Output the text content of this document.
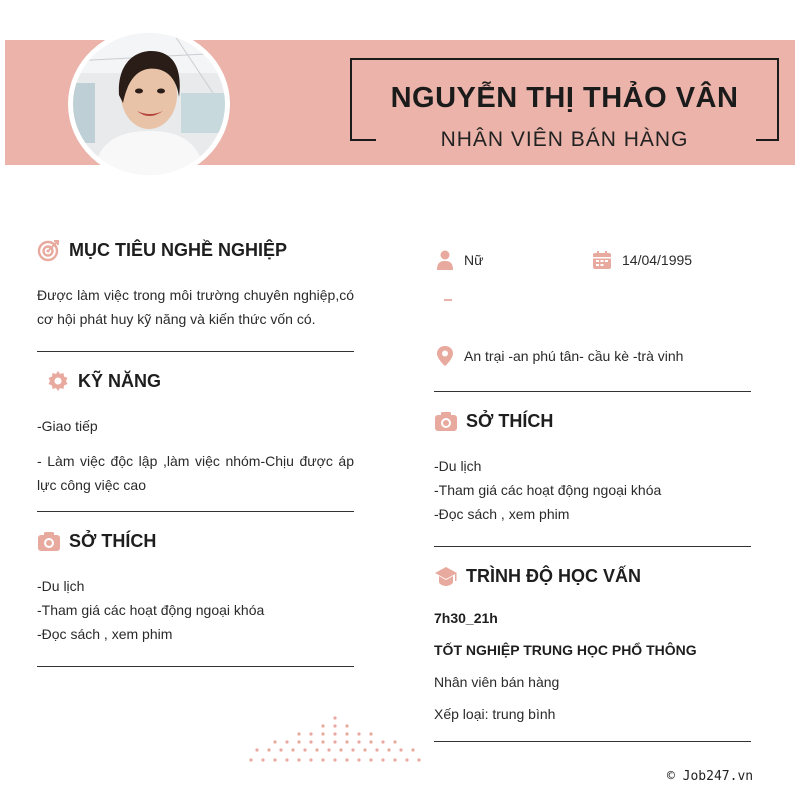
NGUYỄN THỊ THẢO VÂN
NHÂN VIÊN BÁN HÀNG
MỤC TIÊU NGHỀ NGHIỆP
Được làm việc trong môi trường chuyên nghiệp,có cơ hội phát huy kỹ năng và kiến thức vốn có.
KỸ NĂNG
-Giao tiếp
- Làm việc độc lập ,làm việc nhóm-Chịu được áp lực công việc cao
SỞ THÍCH
-Du lịch
-Tham giá các hoạt động ngoại khóa
-Đọc sách , xem phim
Nữ	14/04/1995
An trại -an phú tân- cầu kè -trà vinh
SỞ THÍCH
-Du lịch
-Tham giá các hoạt động ngoại khóa
-Đọc sách , xem phim
TRÌNH ĐỘ HỌC VẤN
7h30_21h
TỐT NGHIỆP TRUNG HỌC PHỔ THÔNG
Nhân viên bán hàng
Xếp loại: trung bình
© Job247.vn
